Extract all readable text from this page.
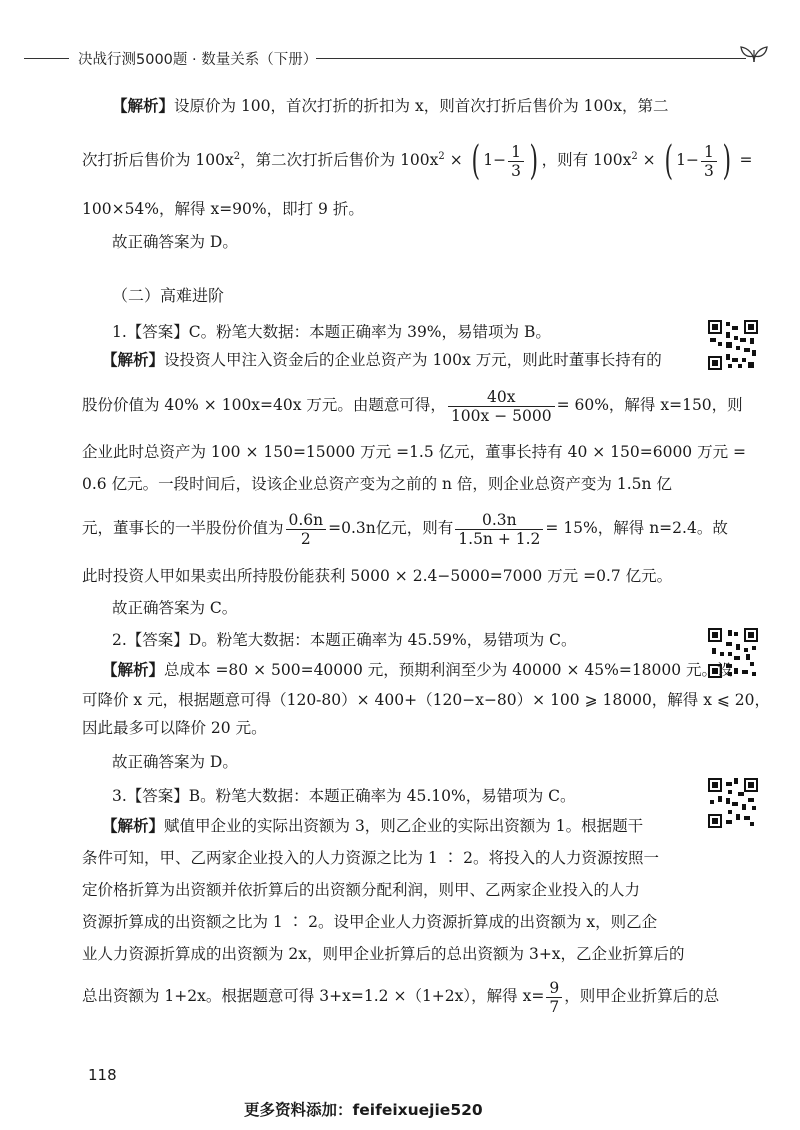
决战行测5000题 · 数量关系（下册）
【解析】设原价为 100，首次打折的折扣为 x，则首次打折后售价为 100x，第二
次打折后售价为 $100x^2$，第二次打折后售价为 $100x^2$ × ( $1- \frac{1}{3}$ ) ，则有 $100x^2$ × ( $1- \frac{1}{3}$ ) =
100×54%，解得 x=90%，即打 9 折。
故正确答案为 D。
（二）高难进阶
1.【答案】C。粉笔大数据：本题正确率为 39%，易错项为 B。
【解析】设投资人甲注入资金后的企业总资产为 100x 万元，则此时董事长持有的
股份价值为 40% × 100x=40x 万元。由题意可得， $\frac{40x}{100x - 5000} = 60\%$，解得 x=150，则
企业此时总资产为 100 × 150=15000 万元 =1.5 亿元，董事长持有 40 × 150=6000 万元 =
0.6 亿元。一段时间后，设该企业总资产变为之前的 n 倍，则企业总资产变为 1.5n 亿
元，董事长的一半股份价值为 $\frac{0.6n}{2} =0.3n$亿元，则有 $\frac{0.3n}{1.5n + 1.2} = 15\%$，解得 n=2.4。故
此时投资人甲如果卖出所持股份能获利 5000 × 2.4−5000=7000 万元 =0.7 亿元。
故正确答案为 C。
2.【答案】D。粉笔大数据：本题正确率为 45.59%，易错项为 C。
【解析】总成本 =80 × 500=40000 元，预期利润至少为 40000 × 45%=18000 元。设
可降价 x 元，根据题意可得（120-80）× 400+（120−x−80）× 100 ⩾ 18000，解得 x ⩽ 20，
因此最多可以降价 20 元。
故正确答案为 D。
3.【答案】B。粉笔大数据：本题正确率为 45.10%，易错项为 C。
【解析】赋值甲企业的实际出资额为 3，则乙企业的实际出资额为 1。根据题干
条件可知，甲、乙两家企业投入的人力资源之比为 1 ∶ 2。将投入的人力资源按照一
定价格折算为出资额并依折算后的出资额分配利润，则甲、乙两家企业投入的人力
资源折算成的出资额之比为 1 ∶ 2。设甲企业人力资源折算成的出资额为 x，则乙企
业人力资源折算成的出资额为 2x，则甲企业折算后的总出资额为 3+x，乙企业折算后的
总出资额为 1+2x。根据题意可得 3+x=1.2 ×（1+2x），解得 $x= \frac{9}{7}$ ，则甲企业折算后的总
118
更多资料添加：feifeixuejie520
